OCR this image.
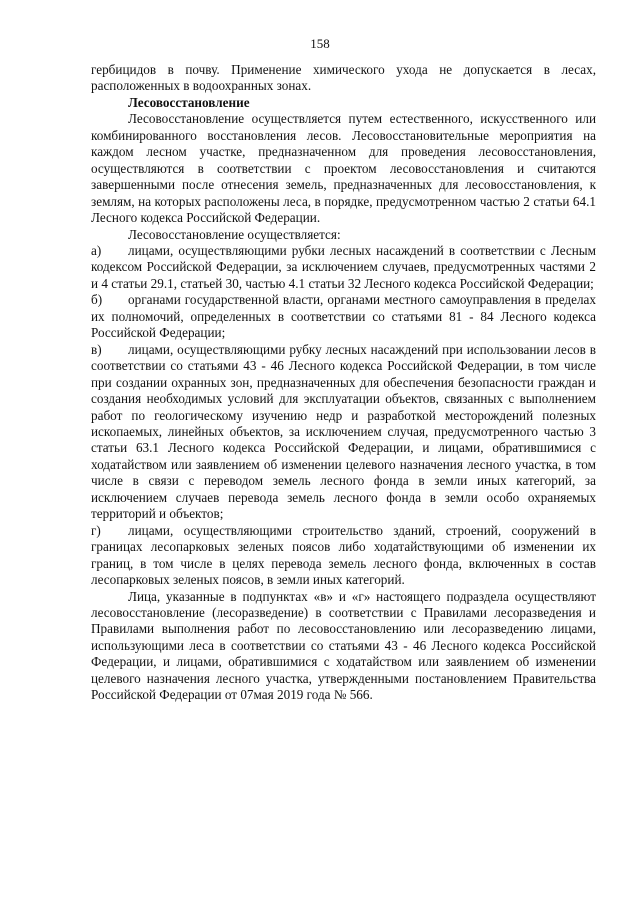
158

гербицидов в почву. Применение химического ухода не допускается в лесах, расположенных в водоохранных зонах.

Лесовосстановление

Лесовосстановление осуществляется путем естественного, искусственного или комбинированного восстановления лесов. Лесовосстановительные мероприятия на каждом лесном участке, предназначенном для проведения лесовосстановления, осуществляются в соответствии с проектом лесовосстановления и считаются завершенными после отнесения земель, предназначенных для лесовосстановления, к землям, на которых расположены леса, в порядке, предусмотренном частью 2 статьи 64.1 Лесного кодекса Российской Федерации.

Лесовосстановление осуществляется:

а) лицами, осуществляющими рубки лесных насаждений в соответствии с Лесным кодексом Российской Федерации, за исключением случаев, предусмотренных частями 2 и 4 статьи 29.1, статьей 30, частью 4.1 статьи 32 Лесного кодекса Российской Федерации;

б) органами государственной власти, органами местного самоуправления в пределах их полномочий, определенных в соответствии со статьями 81 - 84 Лесного кодекса Российской Федерации;

в) лицами, осуществляющими рубку лесных насаждений при использовании лесов в соответствии со статьями 43 - 46 Лесного кодекса Российской Федерации, в том числе при создании охранных зон, предназначенных для обеспечения безопасности граждан и создания необходимых условий для эксплуатации объектов, связанных с выполнением работ по геологическому изучению недр и разработкой месторождений полезных ископаемых, линейных объектов, за исключением случая, предусмотренного частью 3 статьи 63.1 Лесного кодекса Российской Федерации, и лицами, обратившимися с ходатайством или заявлением об изменении целевого назначения лесного участка, в том числе в связи с переводом земель лесного фонда в земли иных категорий, за исключением случаев перевода земель лесного фонда в земли особо охраняемых территорий и объектов;

г) лицами, осуществляющими строительство зданий, строений, сооружений в границах лесопарковых зеленых поясов либо ходатайствующими об изменении их границ, в том числе в целях перевода земель лесного фонда, включенных в состав лесопарковых зеленых поясов, в земли иных категорий.

Лица, указанные в подпунктах «в» и «г» настоящего подраздела осуществляют лесовосстановление (лесоразведение) в соответствии с Правилами лесоразведения и Правилами выполнения работ по лесовосстановлению или лесоразведению лицами, использующими леса в соответствии со статьями 43 - 46 Лесного кодекса Российской Федерации, и лицами, обратившимися с ходатайством или заявлением об изменении целевого назначения лесного участка, утвержденными постановлением Правительства Российской Федерации от 07мая 2019 года № 566.
